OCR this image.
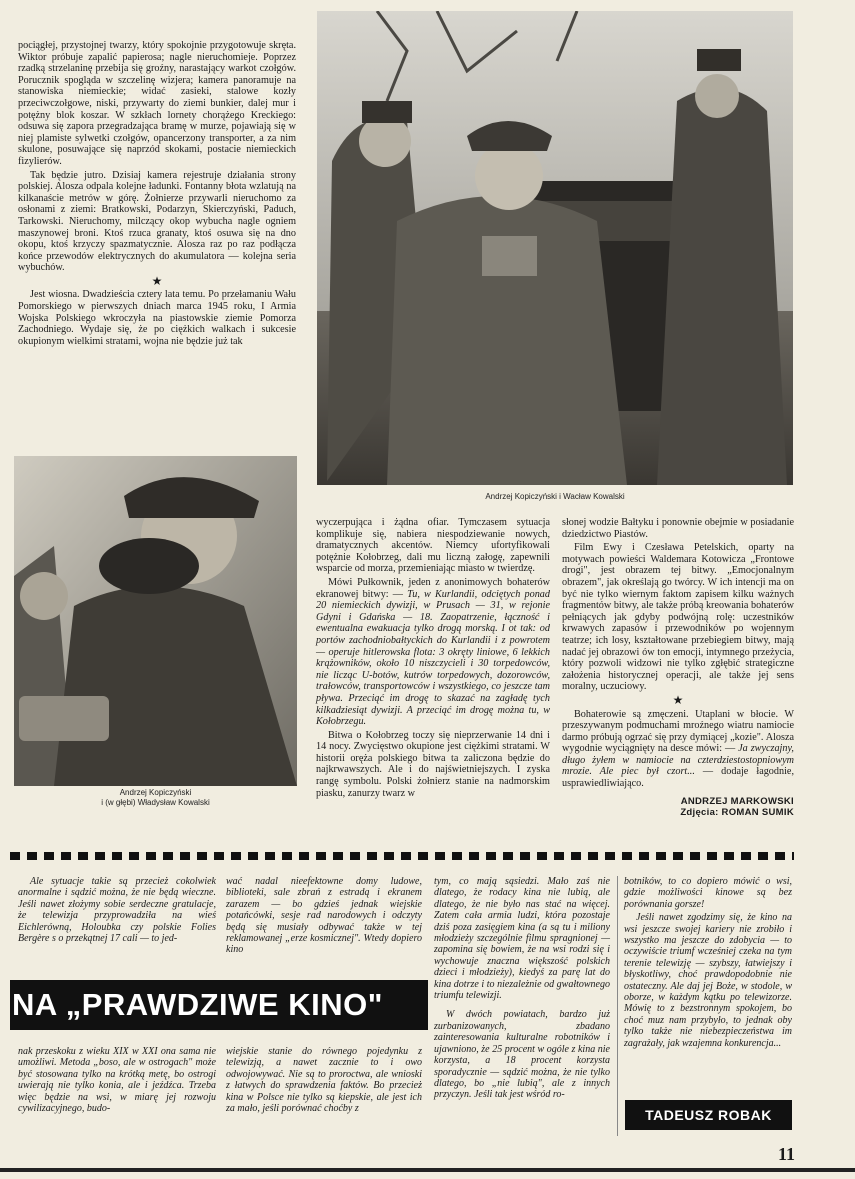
pociągłej, przystojnej twarzy, który spokojnie przygotowuje skręta. Wiktor próbuje zapalić papierosa; nagle nieruchomieje. Poprzez rzadką strzelaninę przebija się groźny, narastający warkot czołgów. Porucznik spogląda w szczelinę wizjera; kamera panoramuje na stanowiska niemieckie; widać zasieki, stalowe kozły przeciwczołgowe, niski, przywarty do ziemi bunkier, dalej mur i potężny blok koszar. W szkłach lornety chorążego Kreckiego: odsuwa się zapora przegradzająca bramę w murze, pojawiają się w niej plamiste sylwetki czołgów, opancerzony transporter, a za nim skulone, posuwające się naprzód skokami, postacie niemieckich fizylierów.

Tak będzie jutro. Dzisiaj kamera rejestruje działania strony polskiej. Alosza odpala kolejne ładunki. Fontanny błota wzlatują na kilkanaście metrów w górę. Żołnierze przywarli nieruchomo za osłonami z ziemi: Bratkowski, Podarzyn, Skierczyński, Paduch, Tarkowski. Nieruchomy, milczący okop wybucha nagle ogniem maszynowej broni. Ktoś rzuca granaty, ktoś osuwa się na dno okopu, ktoś krzyczy spazmatycznie. Alosza raz po raz podłącza końce przewodów elektrycznych do akumulatora — kolejna seria wybuchów.

★

Jest wiosna. Dwadzieścia cztery lata temu. Po przełamaniu Wału Pomorskiego w pierwszych dniach marca 1945 roku, I Armia Wojska Polskiego wkroczyła na piastowskie ziemie Pomorza Zachodniego. Wydaje się, że po ciężkich walkach i sukcesie okupionym wielkimi stratami, wojna nie będzie już tak

Andrzej Kopiczyński i Wacław Kowalski
Andrzej Kopiczyński
i (w głębi) Władysław Kowalski

wyczerpująca i żądna ofiar. Tymczasem sytuacja komplikuje się, nabiera niespodziewanie nowych, dramatycznych akcentów. Niemcy ufortyfikowali potężnie Kołobrzeg, dali mu liczną załogę, zapewnili wsparcie od morza, przemieniając miasto w twierdzę.

Mówi Pułkownik, jeden z anonimowych bohaterów ekranowej bitwy: — Tu, w Kurlandii, odciętych ponad 20 niemieckich dywizji, w Prusach — 31, w rejonie Gdyni i Gdańska — 18. Zaopatrzenie, łączność i ewentualna ewakuacja tylko drogą morską. I ot tak: od portów zachodniobałtyckich do Kurlandii i z powrotem — operuje hitlerowska flota: 3 okręty liniowe, 6 lekkich krążowników, około 10 niszczycieli i 30 torpedowców, nie licząc U-botów, kutrów torpedowych, dozorowców, trałowców, transportowców i wszystkiego, co jeszcze tam pływa. Przeciąć im drogę to skazać na zagładę tych kilkadziesiąt dywizji. A przeciąć im drogę można tu, w Kołobrzegu.

Bitwa o Kołobrzeg toczy się nieprzerwanie 14 dni i 14 nocy. Zwycięstwo okupione jest ciężkimi stratami. W historii oręża polskiego bitwa ta zaliczona będzie do najkrwawszych. Ale i do najświetniejszych. I zyska rangę symbolu. Polski żołnierz stanie na nadmorskim piasku, zanurzy twarz w

słonej wodzie Bałtyku i ponownie obejmie w posiadanie dziedzictwo Piastów.

Film Ewy i Czesława Petelskich, oparty na motywach powieści Waldemara Kotowicza „Frontowe drogi", jest obrazem tej bitwy. „Emocjonalnym obrazem", jak określają go twórcy. W ich intencji ma on być nie tylko wiernym faktom zapisem kilku ważnych fragmentów bitwy, ale także próbą kreowania bohaterów pełniących jak gdyby podwójną rolę: uczestników krwawych zapasów i przewodników po wojennym teatrze; ich losy, kształtowane przebiegiem bitwy, mają nadać jej obrazowi ów ton emocji, intymnego przeżycia, który pozwoli widzowi nie tylko zgłębić strategiczne założenia historycznej operacji, ale także jej sens moralny, uczuciowy.

★

Bohaterowie są zmęczeni. Utaplani w błocie. W przeszywanym podmuchami mroźnego wiatru namiocie darmo próbują ogrzać się przy dymiącej „kozie". Alosza wygodnie wyciągnięty na desce mówi: — Ja zwyczajny, długo żyłem w namiocie na czterdziestostopniowym mrozie. Ale piec był czort... — dodaje łagodnie, usprawiedliwiająco.

ANDRZEJ MARKOWSKI
Zdjęcia: ROMAN SUMIK

Ale sytuacje takie są przecież cokolwiek anormalne i sądzić można, że nie będą wieczne. Jeśli nawet złożymy sobie serdeczne gratulacje, że telewizja przyprowadziła na wieś Eichlerówną, Holoubka czy polskie Folies Bergère s o przekątnej 17 cali — to jed-

wać nadal nieefektowne domy ludowe, biblioteki, sale zbrań z estradą i ekranem zarazem — bo gdzieś jednak wiejskie potańcówki, sesje rad narodowych i odczyty będą się musiały odbywać także w tej reklamowanej „erze kosmicznej". Wtedy dopiero kino

tym, co mają sąsiedzi. Mało zaś nie dlatego, że rodacy kina nie lubią, ale dlatego, że nie było nas stać na więcej. Zatem cała armia ludzi, która pozostaje dziś poza zasięgiem kina (a są tu i miliony młodzieży szczególnie filmu spragnionej — zapomina się bowiem, że na wsi rodzi się i wychowuje znaczna większość polskich dzieci i młodzieży), kiedyś za parę lat do kina dotrze i to niezależnie od gwałtownego triumfu telewizji.

W dwóch powiatach, bardzo już zurbanizowanych, zbadano zainteresowania kulturalne robotników i ujawniono, że 25 procent w ogóle z kina nie korzysta, a 18 procent korzysta sporadycznie — sądzić można, że nie tylko dlatego, bo „nie lubią", ale z innych przyczyn. Jeśli tak jest wśród ro-

botników, to co dopiero mówić o wsi, gdzie możliwości kinowe są bez porównania gorsze!

Jeśli nawet zgodzimy się, że kino na wsi jeszcze swojej kariery nie zrobiło i wszystko ma jeszcze do zdobycia — to oczywiście triumf wcześniej czeka na tym terenie telewizję — szybszy, łatwiejszy i błyskotliwy, choć prawdopodobnie nie ostateczny. Ale daj jej Boże, w stodole, w oborze, w każdym kątku po telewizorze. Mówię to z bezstronnym spokojem, bo choć muz nam przybyło, to jednak oby tylko także nie niebezpieczeństwa im zagrażały, jak wzajemna konkurencja...

NA „PRAWDZIWE KINO"

nak przeskoku z wieku XIX w XXI ona sama nie umożliwi. Metoda „boso, ale w ostrogach" może być stosowana tylko na krótką metę, bo ostrogi uwierają nie tylko konia, ale i jeźdźca. Trzeba więc będzie na wsi, w miarę jej rozwoju cywilizacyjnego, budo-

wiejskie stanie do równego pojedynku z telewizją, a nawet zacznie to i owo odwojowywać. Nie są to proroctwa, ale wnioski z łatwych do sprawdzenia faktów. Bo przecież kina w Polsce nie tylko są kiepskie, ale jest ich za mało, jeśli porównać choćby z	TADEUSZ ROBAK
11
